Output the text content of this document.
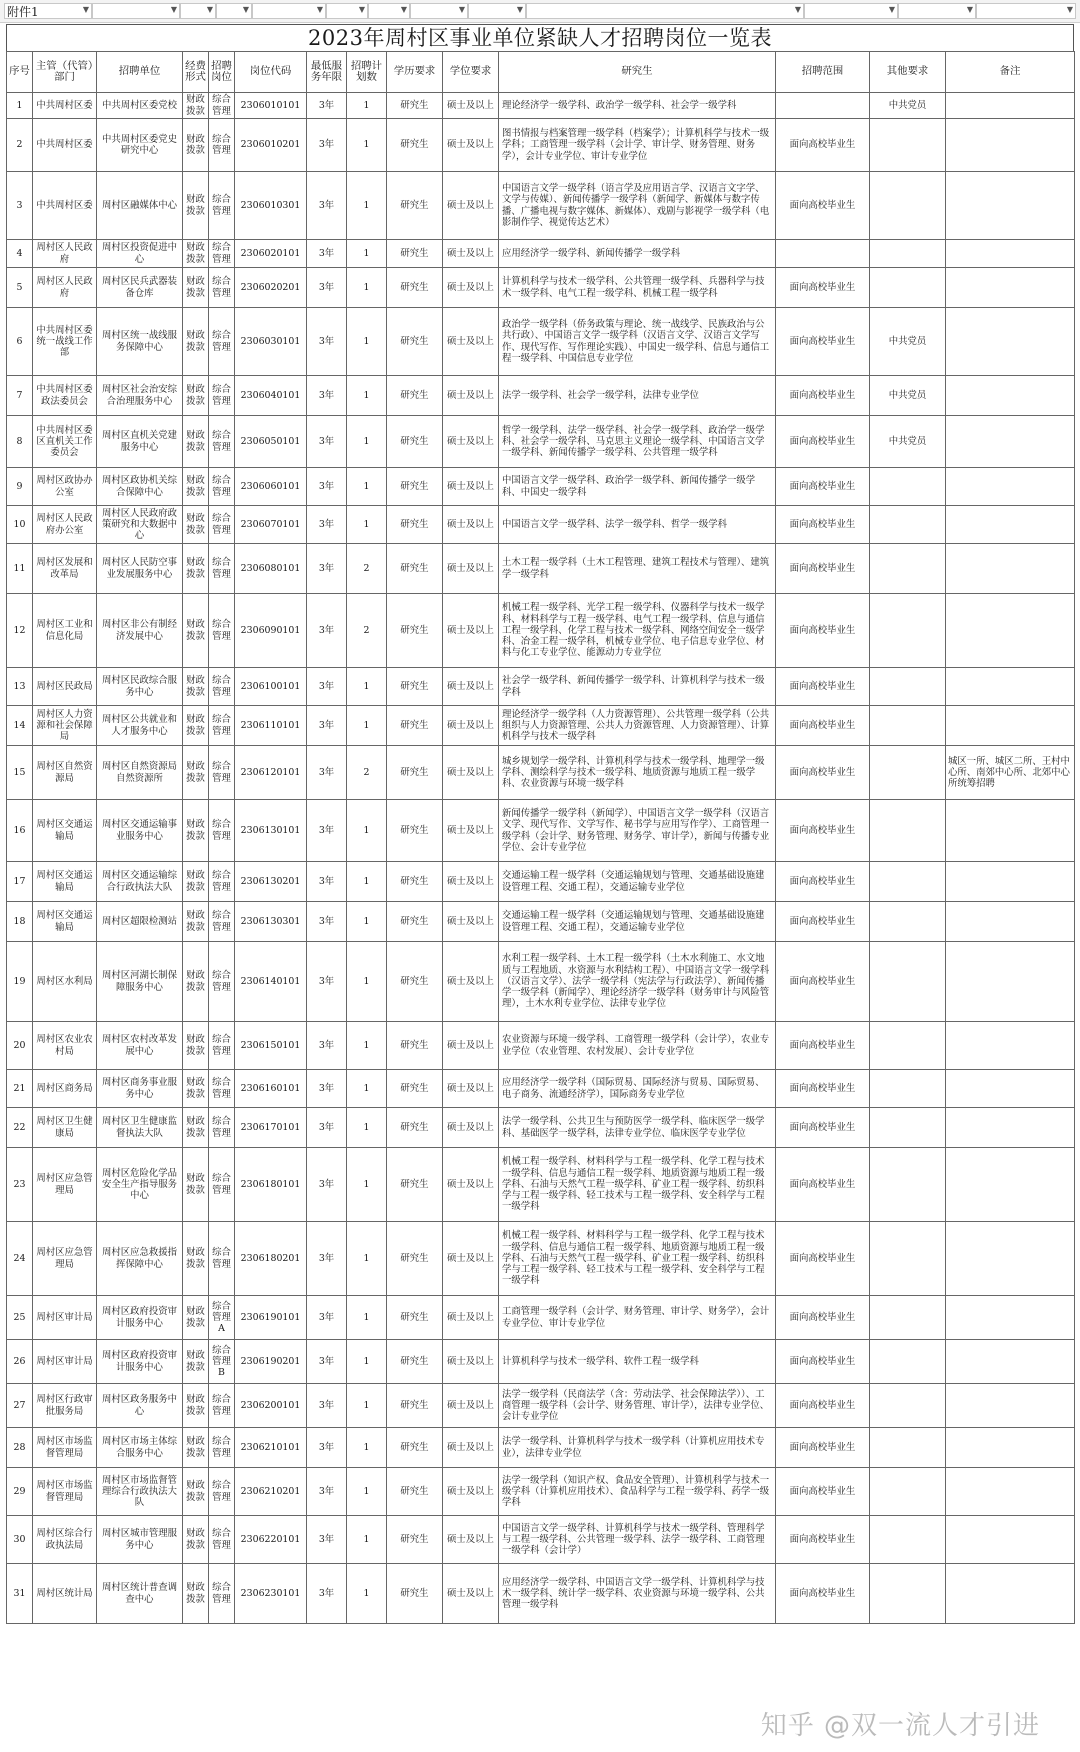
附件1	▼	▼	▼	▼	▼	▼	▼	▼	▼	▼	▼	▼	▼
2023年周村区事业单位紧缺人才招聘岗位一览表
序号	主管（代管）部门	招聘单位	经费形式	招聘岗位	岗位代码	最低服务年限	招聘计划数	学历要求	学位要求	研究生	招聘范围	其他要求	备注
1	中共周村区委	中共周村区委党校	财政拨款	综合管理	2306010101	3年	1	研究生	硕士及以上	理论经济学一级学科、政治学一级学科、社会学一级学科		中共党员	
2	中共周村区委	中共周村区委党史研究中心	财政拨款	综合管理	2306010201	3年	1	研究生	硕士及以上	图书情报与档案管理一级学科（档案学）；计算机科学与技术一级学科；工商管理一级学科（会计学、审计学、财务管理、财务学），会计专业学位、审计专业学位	面向高校毕业生		
3	中共周村区委	周村区融媒体中心	财政拨款	综合管理	2306010301	3年	1	研究生	硕士及以上	中国语言文学一级学科（语言学及应用语言学、汉语言文字学、文学与传媒）、新闻传播学一级学科（新闻学、新媒体与数字传播、广播电视与数字媒体、新媒体）、戏剧与影视学一级学科（电影制作学、视觉传达艺术）	面向高校毕业生		
4	周村区人民政府	周村区投资促进中心	财政拨款	综合管理	2306020101	3年	1	研究生	硕士及以上	应用经济学一级学科、新闻传播学一级学科			
5	周村区人民政府	周村区民兵武器装备仓库	财政拨款	综合管理	2306020201	3年	1	研究生	硕士及以上	计算机科学与技术一级学科、公共管理一级学科、兵器科学与技术一级学科、电气工程一级学科、机械工程一级学科	面向高校毕业生		
6	中共周村区委统一战线工作部	周村区统一战线服务保障中心	财政拨款	综合管理	2306030101	3年	1	研究生	硕士及以上	政治学一级学科（侨务政策与理论、统一战线学、民族政治与公共行政）、中国语言文学一级学科（汉语言文学、汉语言文学写作、现代写作、写作理论实践）、中国史一级学科、信息与通信工程一级学科、中国信息专业学位	面向高校毕业生	中共党员	
7	中共周村区委政法委员会	周村区社会治安综合治理服务中心	财政拨款	综合管理	2306040101	3年	1	研究生	硕士及以上	法学一级学科、社会学一级学科，法律专业学位	面向高校毕业生	中共党员	
8	中共周村区委区直机关工作委员会	周村区直机关党建服务中心	财政拨款	综合管理	2306050101	3年	1	研究生	硕士及以上	哲学一级学科、法学一级学科、社会学一级学科、政治学一级学科、社会学一级学科、马克思主义理论一级学科、中国语言文学一级学科、新闻传播学一级学科、公共管理一级学科	面向高校毕业生	中共党员	
9	周村区政协办公室	周村区政协机关综合保障中心	财政拨款	综合管理	2306060101	3年	1	研究生	硕士及以上	中国语言文学一级学科、政治学一级学科、新闻传播学一级学科、中国史一级学科	面向高校毕业生		
10	周村区人民政府办公室	周村区人民政府政策研究和大数据中心	财政拨款	综合管理	2306070101	3年	1	研究生	硕士及以上	中国语言文学一级学科、法学一级学科、哲学一级学科	面向高校毕业生		
11	周村区发展和改革局	周村区人民防空事业发展服务中心	财政拨款	综合管理	2306080101	3年	2	研究生	硕士及以上	土木工程一级学科（土木工程管理、建筑工程技术与管理）、建筑学一级学科	面向高校毕业生		
12	周村区工业和信息化局	周村区非公有制经济发展中心	财政拨款	综合管理	2306090101	3年	2	研究生	硕士及以上	机械工程一级学科、光学工程一级学科、仪器科学与技术一级学科、材料科学与工程一级学科、电气工程一级学科、信息与通信工程一级学科、化学工程与技术一级学科、网络空间安全一级学科、冶金工程一级学科，机械专业学位、电子信息专业学位、材料与化工专业学位、能源动力专业学位	面向高校毕业生		
13	周村区民政局	周村区民政综合服务中心	财政拨款	综合管理	2306100101	3年	1	研究生	硕士及以上	社会学一级学科、新闻传播学一级学科、计算机科学与技术一级学科	面向高校毕业生		
14	周村区人力资源和社会保障局	周村区公共就业和人才服务中心	财政拨款	综合管理	2306110101	3年	1	研究生	硕士及以上	理论经济学一级学科（人力资源管理）、公共管理一级学科（公共组织与人力资源管理、公共人力资源管理、人力资源管理）、计算机科学与技术一级学科	面向高校毕业生		
15	周村区自然资源局	周村区自然资源局自然资源所	财政拨款	综合管理	2306120101	3年	2	研究生	硕士及以上	城乡规划学一级学科、计算机科学与技术一级学科、地理学一级学科、测绘科学与技术一级学科、地质资源与地质工程一级学科、农业资源与环境一级学科	面向高校毕业生		城区一所、城区二所、王村中心所、南郊中心所、北郊中心所统筹招聘
16	周村区交通运输局	周村区交通运输事业服务中心	财政拨款	综合管理	2306130101	3年	1	研究生	硕士及以上	新闻传播学一级学科（新闻学）、中国语言文学一级学科（汉语言文学、现代写作、文学写作、秘书学与应用写作学）、工商管理一级学科（会计学、财务管理、财务学、审计学），新闻与传播专业学位、会计专业学位	面向高校毕业生		
17	周村区交通运输局	周村区交通运输综合行政执法大队	财政拨款	综合管理	2306130201	3年	1	研究生	硕士及以上	交通运输工程一级学科（交通运输规划与管理、交通基础设施建设管理工程、交通工程），交通运输专业学位	面向高校毕业生		
18	周村区交通运输局	周村区超限检测站	财政拨款	综合管理	2306130301	3年	1	研究生	硕士及以上	交通运输工程一级学科（交通运输规划与管理、交通基础设施建设管理工程、交通工程），交通运输专业学位	面向高校毕业生		
19	周村区水利局	周村区河湖长制保障服务中心	财政拨款	综合管理	2306140101	3年	1	研究生	硕士及以上	水利工程一级学科、土木工程一级学科（土木水利施工、水文地质与工程地质、水资源与水利结构工程）、中国语言文学一级学科（汉语言文学）、法学一级学科（宪法学与行政法学）、新闻传播学一级学科（新闻学）、理论经济学一级学科（财务审计与风险管理），土木水利专业学位、法律专业学位	面向高校毕业生		
20	周村区农业农村局	周村区农村改革发展中心	财政拨款	综合管理	2306150101	3年	1	研究生	硕士及以上	农业资源与环境一级学科、工商管理一级学科（会计学），农业专业学位（农业管理、农村发展）、会计专业学位	面向高校毕业生		
21	周村区商务局	周村区商务事业服务中心	财政拨款	综合管理	2306160101	3年	1	研究生	硕士及以上	应用经济学一级学科（国际贸易、国际经济与贸易、国际贸易、电子商务、流通经济学），国际商务专业学位	面向高校毕业生		
22	周村区卫生健康局	周村区卫生健康监督执法大队	财政拨款	综合管理	2306170101	3年	1	研究生	硕士及以上	法学一级学科、公共卫生与预防医学一级学科、临床医学一级学科、基础医学一级学科，法律专业学位、临床医学专业学位	面向高校毕业生		
23	周村区应急管理局	周村区危险化学品安全生产指导服务中心	财政拨款	综合管理	2306180101	3年	1	研究生	硕士及以上	机械工程一级学科、材料科学与工程一级学科、化学工程与技术一级学科、信息与通信工程一级学科、地质资源与地质工程一级学科、石油与天然气工程一级学科、矿业工程一级学科、纺织科学与工程一级学科、轻工技术与工程一级学科、安全科学与工程一级学科	面向高校毕业生		
24	周村区应急管理局	周村区应急救援指挥保障中心	财政拨款	综合管理	2306180201	3年	1	研究生	硕士及以上	机械工程一级学科、材料科学与工程一级学科、化学工程与技术一级学科、信息与通信工程一级学科、地质资源与地质工程一级学科、石油与天然气工程一级学科、矿业工程一级学科、纺织科学与工程一级学科、轻工技术与工程一级学科、安全科学与工程一级学科	面向高校毕业生		
25	周村区审计局	周村区政府投资审计服务中心	财政拨款	综合管理A	2306190101	3年	1	研究生	硕士及以上	工商管理一级学科（会计学、财务管理、审计学、财务学），会计专业学位、审计专业学位	面向高校毕业生		
26	周村区审计局	周村区政府投资审计服务中心	财政拨款	综合管理B	2306190201	3年	1	研究生	硕士及以上	计算机科学与技术一级学科、软件工程一级学科	面向高校毕业生		
27	周村区行政审批服务局	周村区政务服务中心	财政拨款	综合管理	2306200101	3年	1	研究生	硕士及以上	法学一级学科（民商法学（含：劳动法学、社会保障法学））、工商管理一级学科（会计学、财务管理、审计学），法律专业学位、会计专业学位	面向高校毕业生		
28	周村区市场监督管理局	周村区市场主体综合服务中心	财政拨款	综合管理	2306210101	3年	1	研究生	硕士及以上	法学一级学科、计算机科学与技术一级学科（计算机应用技术专业），法律专业学位	面向高校毕业生		
29	周村区市场监督管理局	周村区市场监督管理综合行政执法大队	财政拨款	综合管理	2306210201	3年	1	研究生	硕士及以上	法学一级学科（知识产权、食品安全管理）、计算机科学与技术一级学科（计算机应用技术）、食品科学与工程一级学科、药学一级学科	面向高校毕业生		
30	周村区综合行政执法局	周村区城市管理服务中心	财政拨款	综合管理	2306220101	3年	1	研究生	硕士及以上	中国语言文学一级学科、计算机科学与技术一级学科、管理科学与工程一级学科、公共管理一级学科、法学一级学科、工商管理一级学科（会计学）	面向高校毕业生		
31	周村区统计局	周村区统计普查调查中心	财政拨款	综合管理	2306230101	3年	1	研究生	硕士及以上	应用经济学一级学科、中国语言文学一级学科、计算机科学与技术一级学科、统计学一级学科、农业资源与环境一级学科、公共管理一级学科	面向高校毕业生		
知乎 @双一流人才引进
